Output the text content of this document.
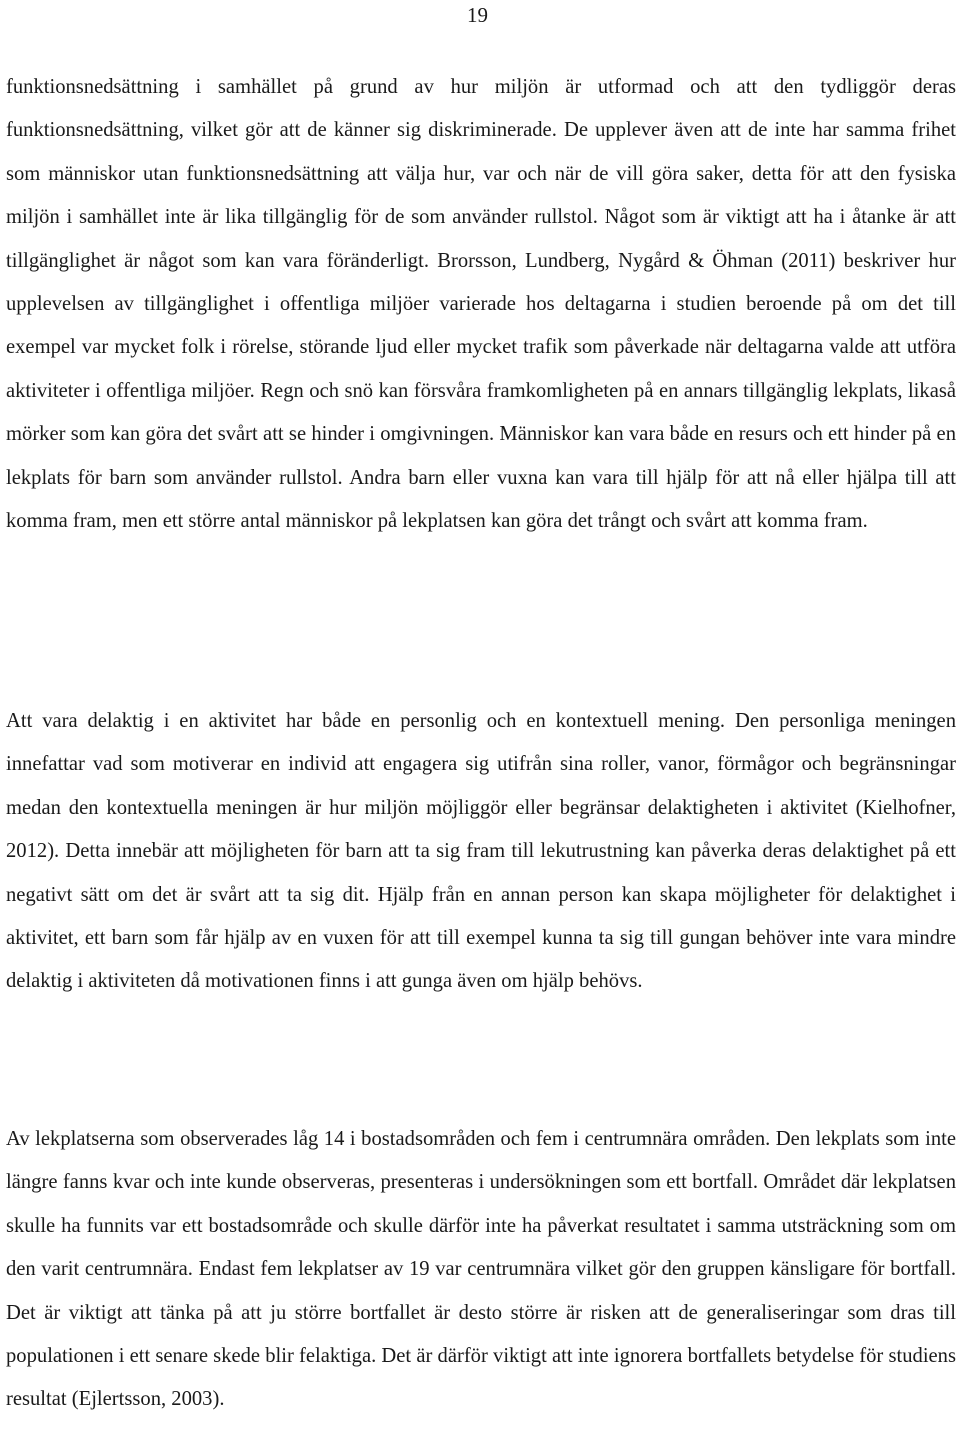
19

funktionsnedsättning i samhället på grund av hur miljön är utformad och att den tydliggör deras funktionsnedsättning, vilket gör att de känner sig diskriminerade. De upplever även att de inte har samma frihet som människor utan funktionsnedsättning att välja hur, var och när de vill göra saker, detta för att den fysiska miljön i samhället inte är lika tillgänglig för de som använder rullstol. Något som är viktigt att ha i åtanke är att tillgänglighet är något som kan vara föränderligt. Brorsson, Lundberg, Nygård & Öhman (2011) beskriver hur upplevelsen av tillgänglighet i offentliga miljöer varierade hos deltagarna i studien beroende på om det till exempel var mycket folk i rörelse, störande ljud eller mycket trafik som påverkade när deltagarna valde att utföra aktiviteter i offentliga miljöer. Regn och snö kan försvåra framkomligheten på en annars tillgänglig lekplats, likaså mörker som kan göra det svårt att se hinder i omgivningen. Människor kan vara både en resurs och ett hinder på en lekplats för barn som använder rullstol. Andra barn eller vuxna kan vara till hjälp för att nå eller hjälpa till att komma fram, men ett större antal människor på lekplatsen kan göra det trångt och svårt att komma fram.

Att vara delaktig i en aktivitet har både en personlig och en kontextuell mening. Den personliga meningen innefattar vad som motiverar en individ att engagera sig utifrån sina roller, vanor, förmågor och begränsningar medan den kontextuella meningen är hur miljön möjliggör eller begränsar delaktigheten i aktivitet (Kielhofner, 2012). Detta innebär att möjligheten för barn att ta sig fram till lekutrustning kan påverka deras delaktighet på ett negativt sätt om det är svårt att ta sig dit. Hjälp från en annan person kan skapa möjligheter för delaktighet i aktivitet, ett barn som får hjälp av en vuxen för att till exempel kunna ta sig till gungan behöver inte vara mindre delaktig i aktiviteten då motivationen finns i att gunga även om hjälp behövs.

Av lekplatserna som observerades låg 14 i bostadsområden och fem i centrumnära områden. Den lekplats som inte längre fanns kvar och inte kunde observeras, presenteras i undersökningen som ett bortfall. Området där lekplatsen skulle ha funnits var ett bostadsområde och skulle därför inte ha påverkat resultatet i samma utsträckning som om den varit centrumnära. Endast fem lekplatser av 19 var centrumnära vilket gör den gruppen känsligare för bortfall. Det är viktigt att tänka på att ju större bortfallet är desto större är risken att de generaliseringar som dras till populationen i ett senare skede blir felaktiga. Det är därför viktigt att inte ignorera bortfallets betydelse för studiens resultat (Ejlertsson, 2003).
